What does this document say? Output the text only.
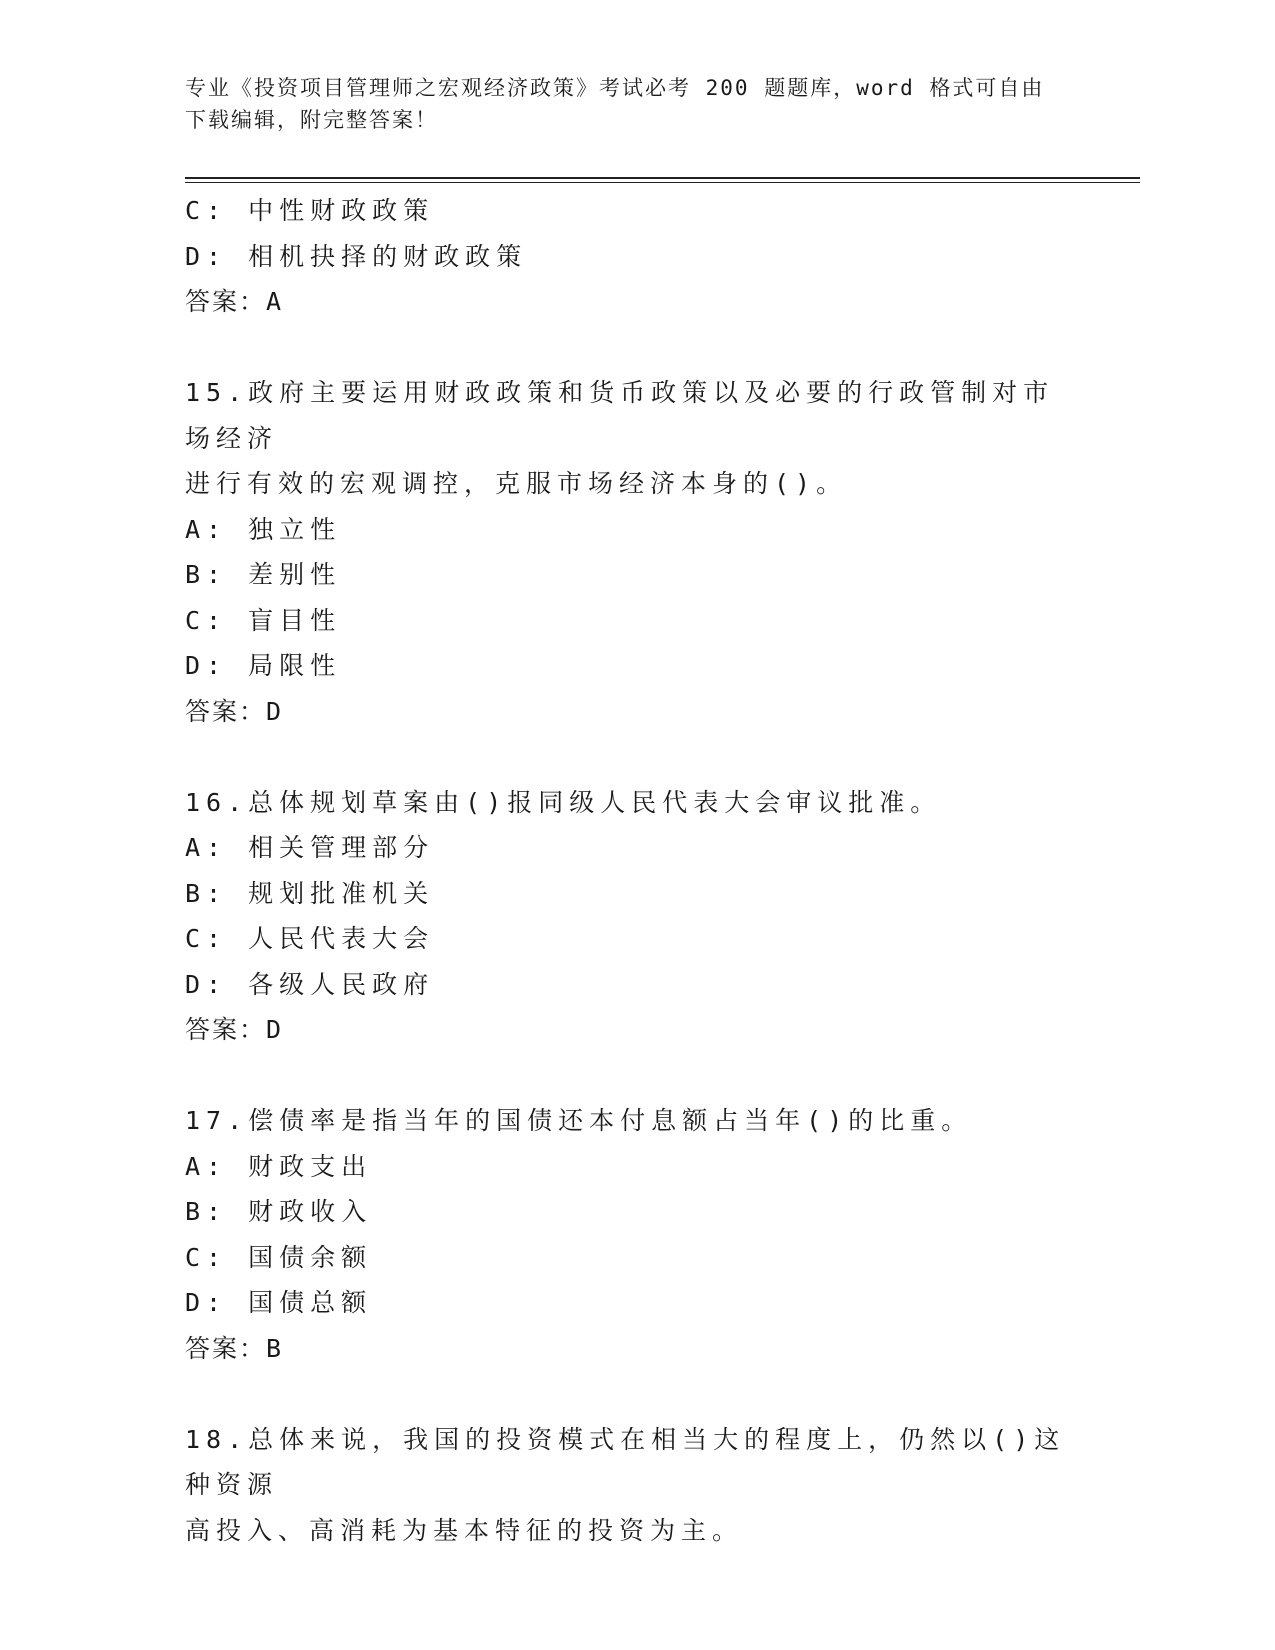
专业《投资项目管理师之宏观经济政策》考试必考 200 题题库，word 格式可自由
下载编辑，附完整答案！
C: 中性财政政策
D: 相机抉择的财政政策
答案：A
15.政府主要运用财政政策和货币政策以及必要的行政管制对市场经济
进行有效的宏观调控，克服市场经济本身的()。
A: 独立性
B: 差别性
C: 盲目性
D: 局限性
答案：D
16.总体规划草案由()报同级人民代表大会审议批准。
A: 相关管理部分
B: 规划批准机关
C: 人民代表大会
D: 各级人民政府
答案：D
17.偿债率是指当年的国债还本付息额占当年()的比重。
A: 财政支出
B: 财政收入
C: 国债余额
D: 国债总额
答案：B
18.总体来说，我国的投资模式在相当大的程度上，仍然以()这种资源
高投入、高消耗为基本特征的投资为主。
